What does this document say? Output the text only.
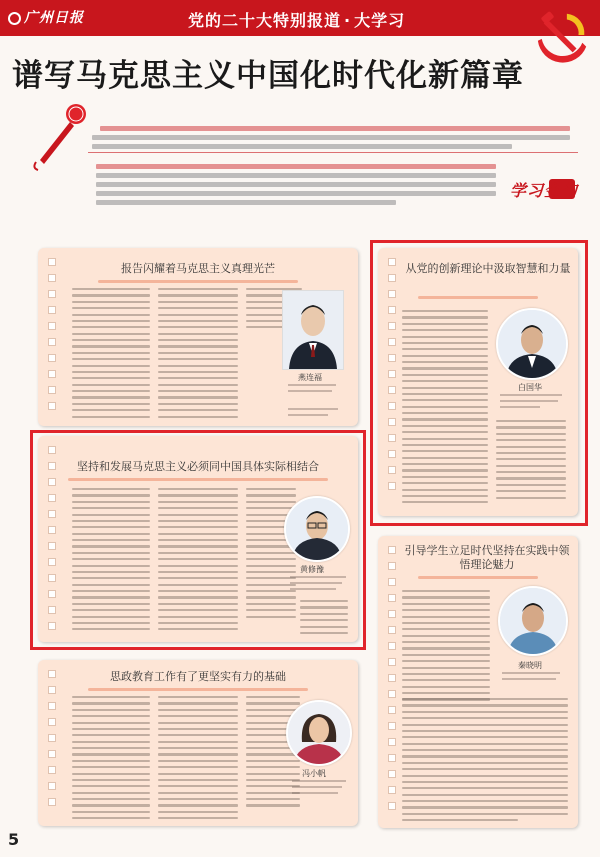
广州日报	党的二十大特别报道 · 大学习
谱写马克思主义中国化时代化新篇章
学习金句
报告闪耀着马克思主义真理光芒
燕连福
从党的创新理论中汲取智慧和力量
白国华
坚持和发展马克思主义必须同中国具体实际相结合
黄修豫
引导学生立足时代坚持在实践中领悟理论魅力
秦晓明
思政教育工作有了更坚实有力的基础
冯小帆
5
